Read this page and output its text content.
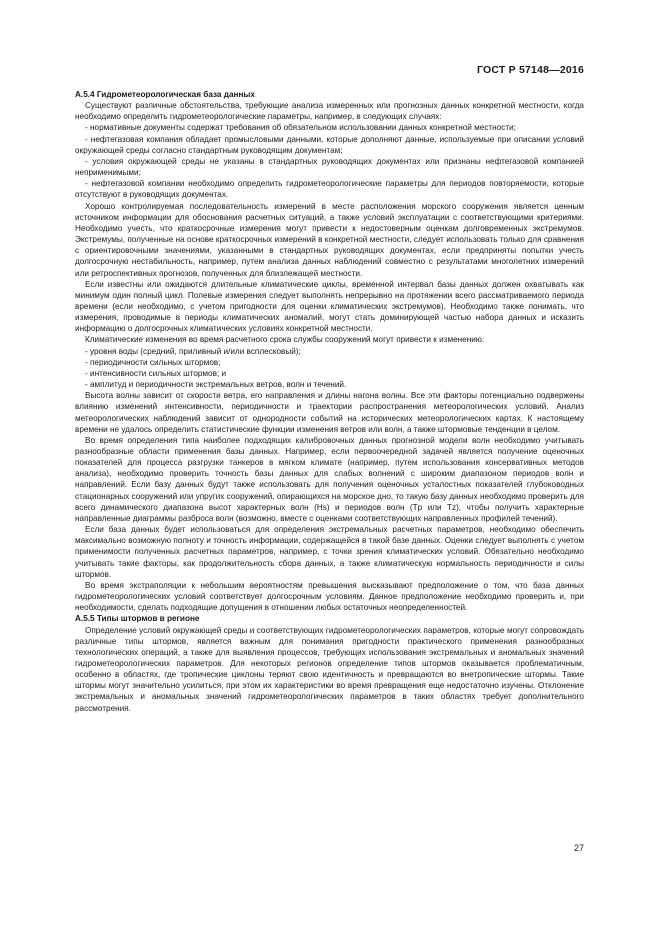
ГОСТ Р 57148—2016

А.5.4 Гидрометеорологическая база данных

Существуют различные обстоятельства, требующие анализа измеренных или прогнозных данных конкретной местности, когда необходимо определить гидрометеорологические параметры, например, в следующих случаях:

- нормативные документы содержат требования об обязательном использовании данных конкретной местности;

- нефтегазовая компания обладает промысловыми данными, которые дополняют данные, используемые при описании условий окружающей среды согласно стандартным руководящим документам;

- условия окружающей среды не указаны в стандартных руководящих документах или признаны нефтегазовой компанией неприменимыми;

- нефтегазовой компании необходимо определить гидрометеорологические параметры для периодов повторяемости, которые отсутствуют в руководящих документах.

Хорошо контролируемая последовательность измерений в месте расположения морского сооружения является ценным источником информации для обоснования расчетных ситуаций, а также условий эксплуатации с соответствующими критериями. Необходимо учесть, что краткосрочные измерения могут привести к недостоверным оценкам долговременных экстремумов. Экстремумы, полученные на основе краткосрочных измерений в конкретной местности, следует использовать только для сравнения с ориентировочными значениями, указанными в стандартных руководящих документах, если предприняты попытки учесть долгосрочную нестабильность, например, путем анализа данных наблюдений совместно с результатами многолетних измерений или ретроспективных прогнозов, полученных для близлежащей местности.

Если известны или ожидаются длительные климатические циклы, временной интервал базы данных должен охватывать как минимум один полный цикл. Полевые измерения следует выполнять непрерывно на протяжении всего рассматриваемого периода времени (если необходимо, с учетом пригодности для оценки климатических экстремумов). Необходимо также понимать, что измерения, проводимые в периоды климатических аномалий, могут стать доминирующей частью набора данных и исказить информацию о долгосрочных климатических условиях конкретной местности.

Климатические изменения во время расчетного срока службы сооружений могут привести к изменению:

- уровня воды (средний, приливный и/или всплесковый);

- периодичности сильных штормов;

- интенсивности сильных штормов; и

- амплитуд и периодичности экстремальных ветров, волн и течений.

Высота волны зависит от скорости ветра, его направления и длины нагона волны. Все эти факторы потенциально подвержены влиянию изменений интенсивности, периодичности и траектории распространения метеорологических условий. Анализ метеорологических наблюдений зависит от однородности событий на исторических метеорологических картах. К настоящему времени не удалось определить статистические функции изменения ветров или волн, а также штормовые тенденции в целом.

Во время определения типа наиболее подходящих калибровочных данных прогнозной модели волн необходимо учитывать разнообразные области применения базы данных. Например, если первоочередной задачей является получение оценочных показателей для процесса разгрузки танкеров в мягком климате (например, путем использования консервативных методов анализа), необходимо проверить точность базы данных для слабых волнений с широким диапазоном периодов волн и направлений. Если базу данных будут также использовать для получения оценочных усталостных показателей глубоководных стационарных сооружений или упругих сооружений, опирающихся на морское дно, то такую базу данных необходимо проверить для всего динамического диапазона высот характерных волн (Hs) и периодов волн (Tp или Tz), чтобы получить характерные направленные диаграммы разброса волн (возможно, вместе с оценками соответствующих направленных профилей течений).

Если база данных будет использоваться для определения экстремальных расчетных параметров, необходимо обеспечить максимально возможную полноту и точность информации, содержащейся в такой базе данных. Оценки следует выполнять с учетом применимости полученных расчетных параметров, например, с точки зрения климатических условий. Обязательно необходимо учитывать такие факторы, как продолжительность сбора данных, а также климатическую нормальность периодичности и силы штормов.

Во время экстраполяции к небольшим вероятностям превышения высказывают предположение о том, что база данных гидрометеорологических условий соответствует долгосрочным условиям. Данное предположение необходимо проверить и, при необходимости, сделать подходящие допущения в отношении любых остаточных неопределенностей.

А.5.5 Типы штормов в регионе

Определение условий окружающей среды и соответствующих гидрометеорологических параметров, которые могут сопровождать различные типы штормов, является важным для понимания пригодности практического применения разнообразных технологических операций, а также для выявления процессов, требующих использования экстремальных и аномальных значений гидрометеорологических параметров. Для некоторых регионов определение типов штормов оказывается проблематичным, особенно в областях, где тропические циклоны теряют свою идентичность и превращаются во внетропические штормы. Такие штормы могут значительно усилиться, при этом их характеристики во время превращения еще недостаточно изучены. Отклонение экстремальных и аномальных значений гидрометеорологических параметров в таких областях требует дополнительного рассмотрения.

27
